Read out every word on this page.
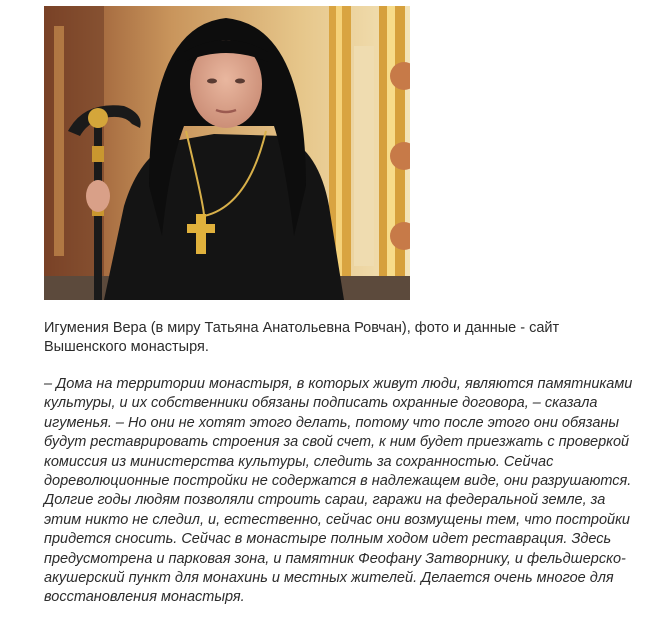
Игумения Вера (в миру Татьяна Анатольевна Ровчан), фото и данные - сайт Вышенского монастыря.

– Дома на территории монастыря, в которых живут люди, являются памятниками культуры, и их собственники обязаны подписать охранные договора, – сказала игуменья. – Но они не хотят этого делать, потому что после этого они обязаны будут реставрировать строения за свой счет, к ним будет приезжать с проверкой комиссия из министерства культуры, следить за сохранностью. Сейчас дореволюционные постройки не содержатся в надлежащем виде, они разрушаются. Долгие годы людям позволяли строить сараи, гаражи на федеральной земле, за этим никто не следил, и, естественно, сейчас они возмущены тем, что постройки придется сносить. Сейчас в монастыре полным ходом идет реставрация. Здесь предусмотрена и парковая зона, и памятник Феофану Затворнику, и фельдшерско-акушерский пункт для монахинь и местных жителей. Делается очень многое для восстановления монастыря.
